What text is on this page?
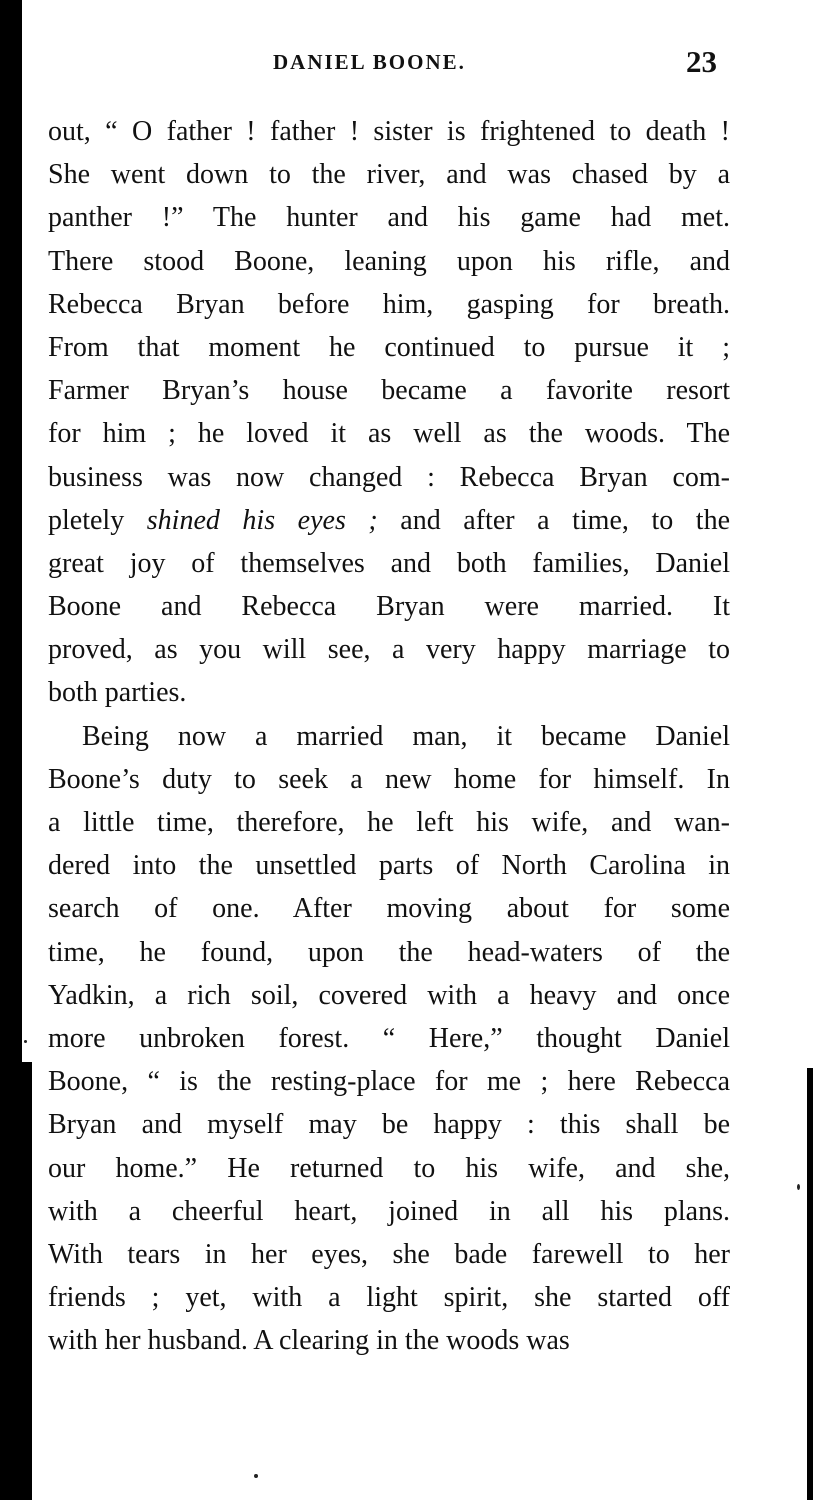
DANIEL BOONE.	23

out, “ O father ! father ! sister is frightened to death !
She went down to the river, and was chased by a
panther !” The hunter and his game had met.
There stood Boone, leaning upon his rifle, and
Rebecca Bryan before him, gasping for breath.
From that moment he continued to pursue it ;
Farmer Bryan’s house became a favorite resort
for him ; he loved it as well as the woods. The
business was now changed : Rebecca Bryan com-
pletely shined his eyes ; and after a time, to the
great joy of themselves and both families, Daniel
Boone and Rebecca Bryan were married. It
proved, as you will see, a very happy marriage to
both parties.

Being now a married man, it became Daniel
Boone’s duty to seek a new home for himself. In
a little time, therefore, he left his wife, and wan-
dered into the unsettled parts of North Carolina in
search of one. After moving about for some
time, he found, upon the head-waters of the
Yadkin, a rich soil, covered with a heavy and once
more unbroken forest. “ Here,” thought Daniel
Boone, “ is the resting-place for me ; here Rebecca
Bryan and myself may be happy : this shall be
our home.” He returned to his wife, and she,
with a cheerful heart, joined in all his plans.
With tears in her eyes, she bade farewell to her
friends ; yet, with a light spirit, she started off
with her husband. A clearing in the woods was
